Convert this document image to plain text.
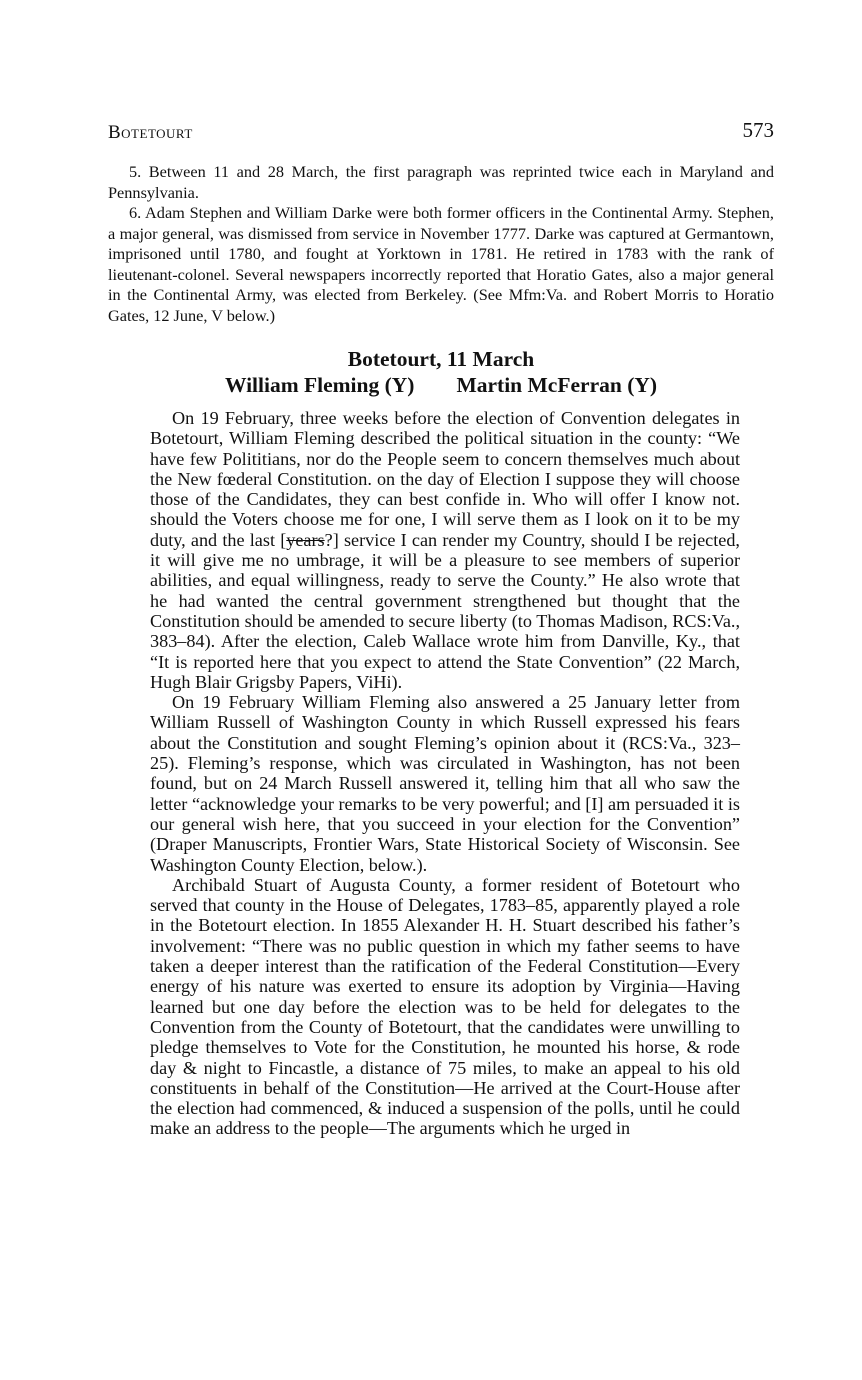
Botetourt	573

5. Between 11 and 28 March, the first paragraph was reprinted twice each in Maryland and Pennsylvania.

6. Adam Stephen and William Darke were both former officers in the Continental Army. Stephen, a major general, was dismissed from service in November 1777. Darke was captured at Germantown, imprisoned until 1780, and fought at Yorktown in 1781. He retired in 1783 with the rank of lieutenant-colonel. Several newspapers incorrectly reported that Horatio Gates, also a major general in the Continental Army, was elected from Berkeley. (See Mfm:Va. and Robert Morris to Horatio Gates, 12 June, V below.)

Botetourt, 11 March
William Fleming (Y) Martin McFerran (Y)

On 19 February, three weeks before the election of Convention delegates in Botetourt, William Fleming described the political situation in the county: “We have few Polititians, nor do the People seem to concern themselves much about the New fœderal Constitution. on the day of Election I suppose they will choose those of the Candidates, they can best confide in. Who will offer I know not. should the Voters choose me for one, I will serve them as I look on it to be my duty, and the last [years?] service I can render my Country, should I be rejected, it will give me no umbrage, it will be a pleasure to see members of superior abilities, and equal willingness, ready to serve the County.” He also wrote that he had wanted the central government strengthened but thought that the Constitution should be amended to secure liberty (to Thomas Madison, RCS:Va., 383–84). After the election, Caleb Wallace wrote him from Danville, Ky., that “It is reported here that you expect to attend the State Convention” (22 March, Hugh Blair Grigsby Papers, ViHi).

On 19 February William Fleming also answered a 25 January letter from William Russell of Washington County in which Russell expressed his fears about the Constitution and sought Fleming’s opinion about it (RCS:Va., 323–25). Fleming’s response, which was circulated in Washington, has not been found, but on 24 March Russell answered it, telling him that all who saw the letter “acknowledge your remarks to be very powerful; and [I] am persuaded it is our general wish here, that you succeed in your election for the Convention” (Draper Manuscripts, Frontier Wars, State Historical Society of Wisconsin. See Washington County Election, below.).

Archibald Stuart of Augusta County, a former resident of Botetourt who served that county in the House of Delegates, 1783–85, apparently played a role in the Botetourt election. In 1855 Alexander H. H. Stuart described his father’s involvement: “There was no public question in which my father seems to have taken a deeper interest than the ratification of the Federal Constitution—Every energy of his nature was exerted to ensure its adoption by Virginia—Having learned but one day before the election was to be held for delegates to the Convention from the County of Botetourt, that the candidates were unwilling to pledge themselves to Vote for the Constitution, he mounted his horse, & rode day & night to Fincastle, a distance of 75 miles, to make an appeal to his old constituents in behalf of the Constitution—He arrived at the Court-House after the election had commenced, & induced a suspension of the polls, until he could make an address to the people—The arguments which he urged in
